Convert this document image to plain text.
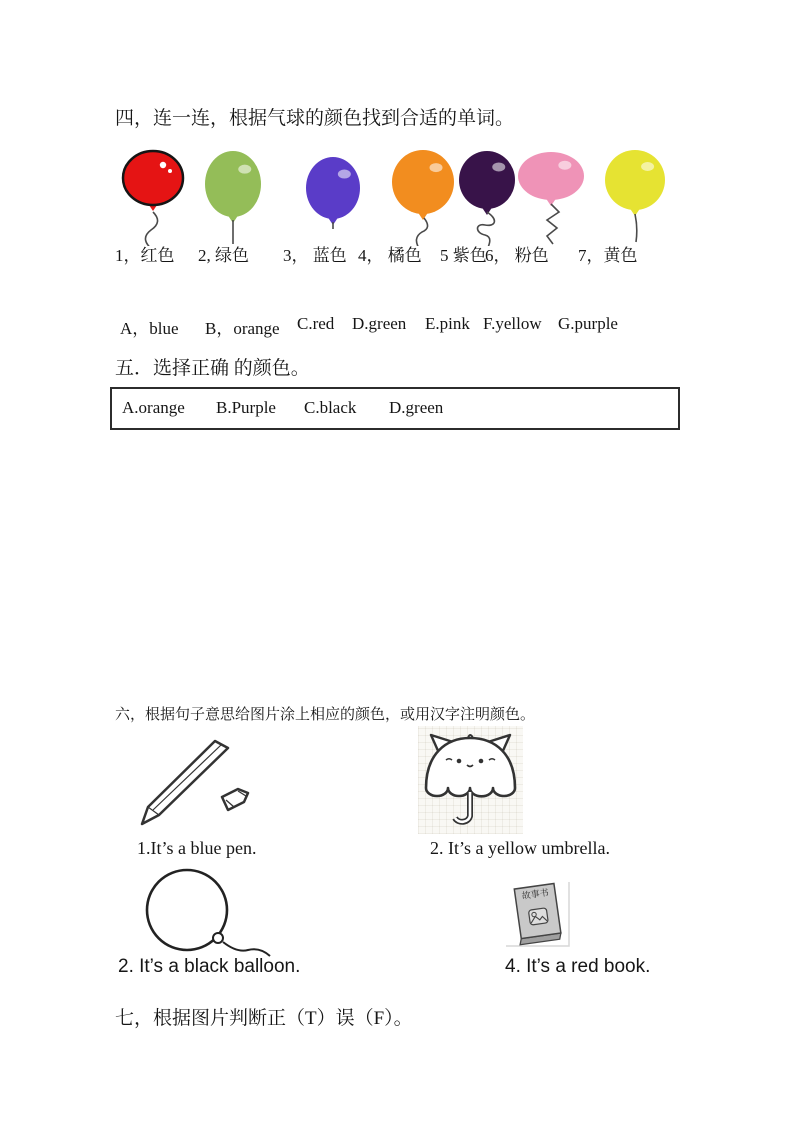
四，连一连，根据气球的颜色找到合适的单词。
1，红色 2, 绿色 3， 蓝色 4， 橘色 5 紫色
6， 粉色 7，黄色
A，blue B，orange C.red D.green E.pink F.yellow G.purple
五．选择正确 的颜色。
A.orange B.Purple C.black D.green
六，根据句子意思给图片涂上相应的颜色，或用汉字注明颜色。
1.It’s a blue pen.	2. It’s a yellow umbrella.
故事书
2. It’s a black balloon.	4. It’s a red book.
七，根据图片判断正（T）误（F）。
